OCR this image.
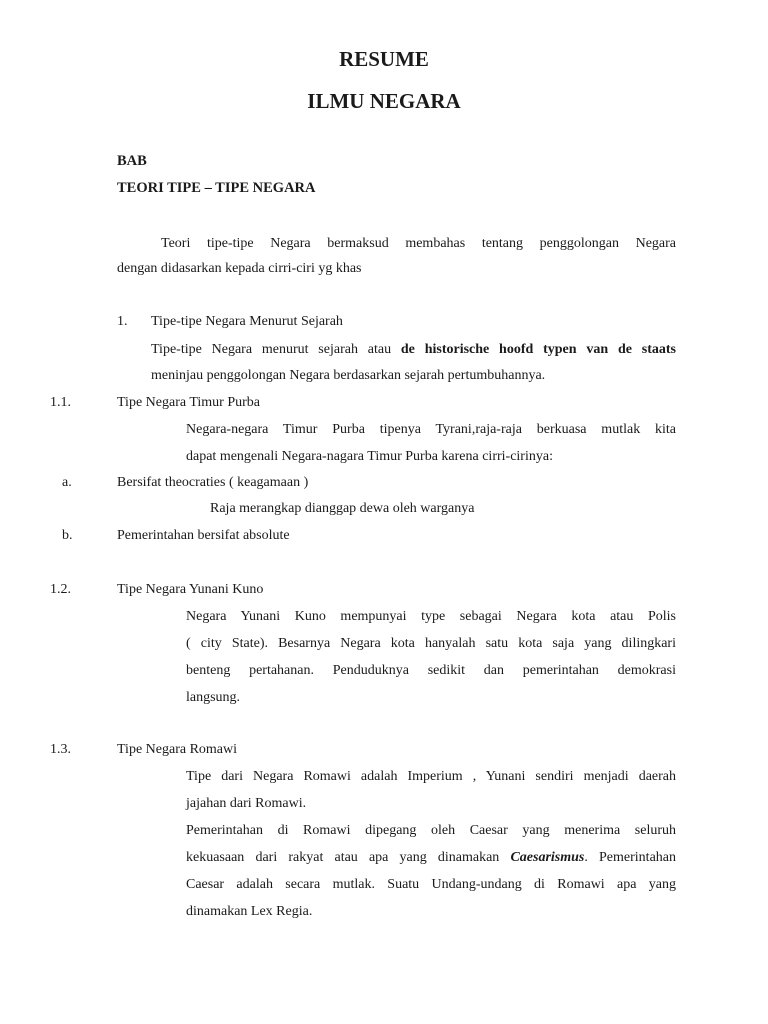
RESUME
ILMU NEGARA
BAB
TEORI TIPE – TIPE NEGARA
Teori tipe-tipe Negara bermaksud membahas tentang penggolongan Negara
dengan didasarkan kepada cirri-ciri yg khas
1. Tipe-tipe Negara Menurut Sejarah
Tipe-tipe Negara menurut sejarah atau de historische hoofd typen van de staats
meninjau penggolongan Negara berdasarkan sejarah pertumbuhannya.
1.1.	Tipe Negara Timur Purba
Negara-negara Timur Purba tipenya Tyrani,raja-raja berkuasa mutlak kita
dapat mengenali Negara-nagara Timur Purba karena cirri-cirinya:
a.	Bersifat theocraties ( keagamaan )
Raja merangkap dianggap dewa oleh warganya
b.	Pemerintahan bersifat absolute
1.2.	Tipe Negara Yunani Kuno
Negara Yunani Kuno mempunyai type sebagai Negara kota atau Polis
( city State). Besarnya Negara kota hanyalah satu kota saja yang dilingkari
benteng pertahanan. Penduduknya sedikit dan pemerintahan demokrasi
langsung.
1.3.	Tipe Negara Romawi
Tipe dari Negara Romawi adalah Imperium , Yunani sendiri menjadi daerah
jajahan dari Romawi.
Pemerintahan di Romawi dipegang oleh Caesar yang menerima seluruh
kekuasaan dari rakyat atau apa yang dinamakan Caesarismus. Pemerintahan
Caesar adalah secara mutlak. Suatu Undang-undang di Romawi apa yang
dinamakan Lex Regia.
